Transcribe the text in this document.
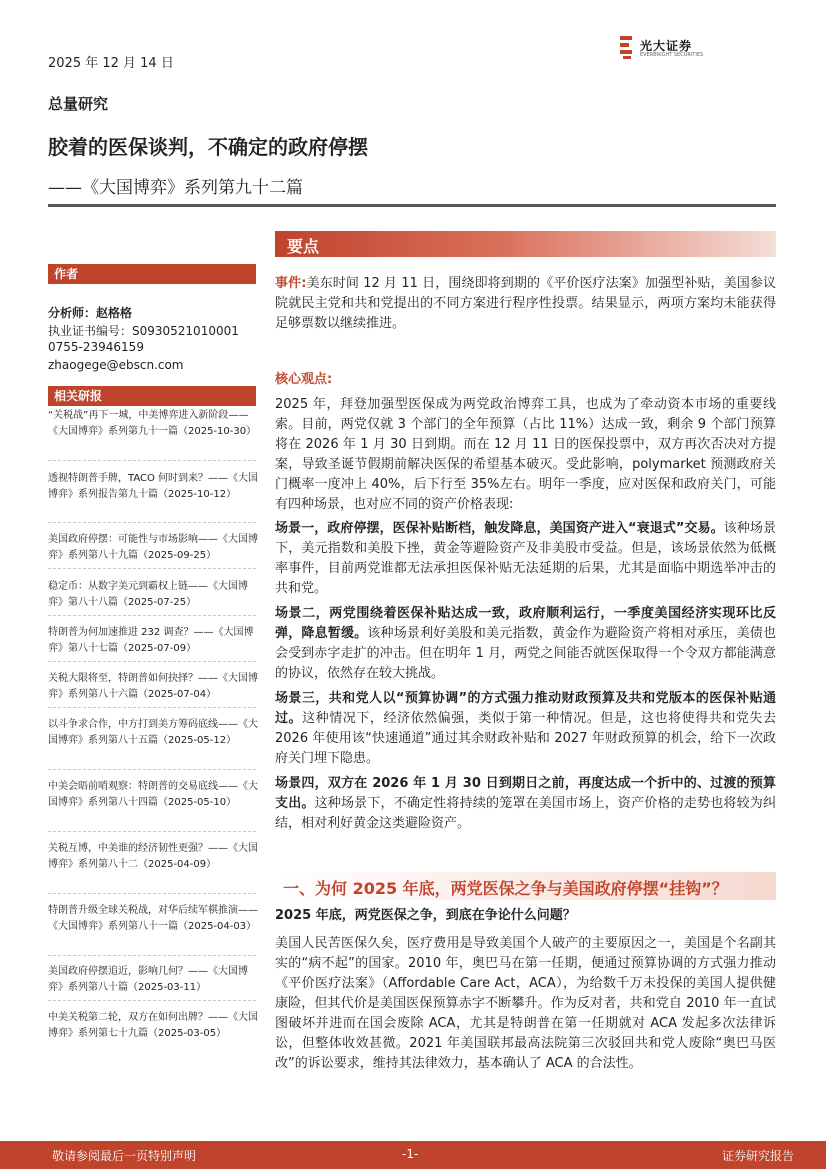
2025 年 12 月 14 日
光大证券
EVERBRIGHT SECURITIES
总量研究
胶着的医保谈判，不确定的政府停摆
——《大国博弈》系列第九十二篇
作者
分析师：赵格格
执业证书编号：S0930521010001
0755-23946159
zhaogege@ebscn.com
相关研报
“关税战”再下一城，中美博弈进入新阶段——《大国博弈》系列第九十一篇（2025-10-30）
透视特朗普手牌，TACO 何时到来？——《大国博弈》系列报告第九十篇（2025-10-12）
美国政府停摆：可能性与市场影响——《大国博弈》系列第八十九篇（2025-09-25）
稳定币：从数字美元到霸权上链——《大国博弈》第八十八篇（2025-07-25）
特朗普为何加速推进 232 调查？——《大国博弈》第八十七篇（2025-07-09）
关税大限将至，特朗普如何抉择？——《大国博弈》系列第八十六篇（2025-07-04）
以斗争求合作，中方打到美方筹码底线——《大国博弈》系列第八十五篇（2025-05-12）
中美会晤前哨观察：特朗普的交易底线——《大国博弈》系列第八十四篇（2025-05-10）
关税互博，中美谁的经济韧性更强？——《大国博弈》系列第八十二（2025-04-09）
特朗普升级全球关税战，对华后续军棋推演——《大国博弈》系列第八十一篇（2025-04-03）
美国政府停摆追近，影响几何？——《大国博弈》系列第八十篇（2025-03-11）
中美关税第二轮，双方在如何出牌？——《大国博弈》系列第七十九篇（2025-03-05）
要点
事件:美东时间 12 月 11 日，围绕即将到期的《平价医疗法案》加强型补贴，美国参议院就民主党和共和党提出的不同方案进行程序性投票。结果显示，两项方案均未能获得足够票数以继续推进。
核心观点:
2025 年，拜登加强型医保成为两党政治博弈工具，也成为了牵动资本市场的重要线索。目前，两党仅就 3 个部门的全年预算（占比 11%）达成一致，剩余 9 个部门预算将在 2026 年 1 月 30 日到期。而在 12 月 11 日的医保投票中，双方再次否决对方提案，导致圣诞节假期前解决医保的希望基本破灭。受此影响，polymarket 预测政府关门概率一度冲上 40%，后下行至 35%左右。明年一季度，应对医保和政府关门，可能有四种场景，也对应不同的资产价格表现:
场景一，政府停摆，医保补贴断档，触发降息，美国资产进入“衰退式”交易。该种场景下，美元指数和美股下挫，黄金等避险资产及非美股市受益。但是，该场景依然为低概率事件，目前两党谁都无法承担医保补贴无法延期的后果，尤其是面临中期选举冲击的共和党。
场景二，两党围绕着医保补贴达成一致，政府顺利运行，一季度美国经济实现环比反弹，降息暂缓。该种场景利好美股和美元指数，黄金作为避险资产将相对承压，美债也会受到赤字走扩的冲击。但在明年 1 月，两党之间能否就医保取得一个令双方都能满意的协议，依然存在较大挑战。
场景三，共和党人以“预算协调”的方式强力推动财政预算及共和党版本的医保补贴通过。这种情况下，经济依然偏强，类似于第一种情况。但是，这也将使得共和党失去 2026 年使用该“快速通道”通过其余财政补贴和 2027 年财政预算的机会，给下一次政府关门埋下隐患。
场景四，双方在 2026 年 1 月 30 日到期日之前，再度达成一个折中的、过渡的预算支出。这种场景下，不确定性将持续的笼罩在美国市场上，资产价格的走势也将较为纠结，相对利好黄金这类避险资产。
一、为何 2025 年底，两党医保之争与美国政府停摆“挂钩”？
2025 年底，两党医保之争，到底在争论什么问题？
美国人民苦医保久矣，医疗费用是导致美国个人破产的主要原因之一，美国是个名副其实的“病不起”的国家。2010 年，奥巴马在第一任期，便通过预算协调的方式强力推动《平价医疗法案》（Affordable Care Act，ACA），为给数千万未投保的美国人提供健康险，但其代价是美国医保预算赤字不断攀升。作为反对者，共和党自 2010 年一直试图破坏并进而在国会废除 ACA，尤其是特朗普在第一任期就对 ACA 发起多次法律诉讼，但整体收效甚微。2021 年美国联邦最高法院第三次驳回共和党人废除“奥巴马医改”的诉讼要求，维持其法律效力，基本确认了 ACA 的合法性。
敬请参阅最后一页特别声明	-1-	证券研究报告
